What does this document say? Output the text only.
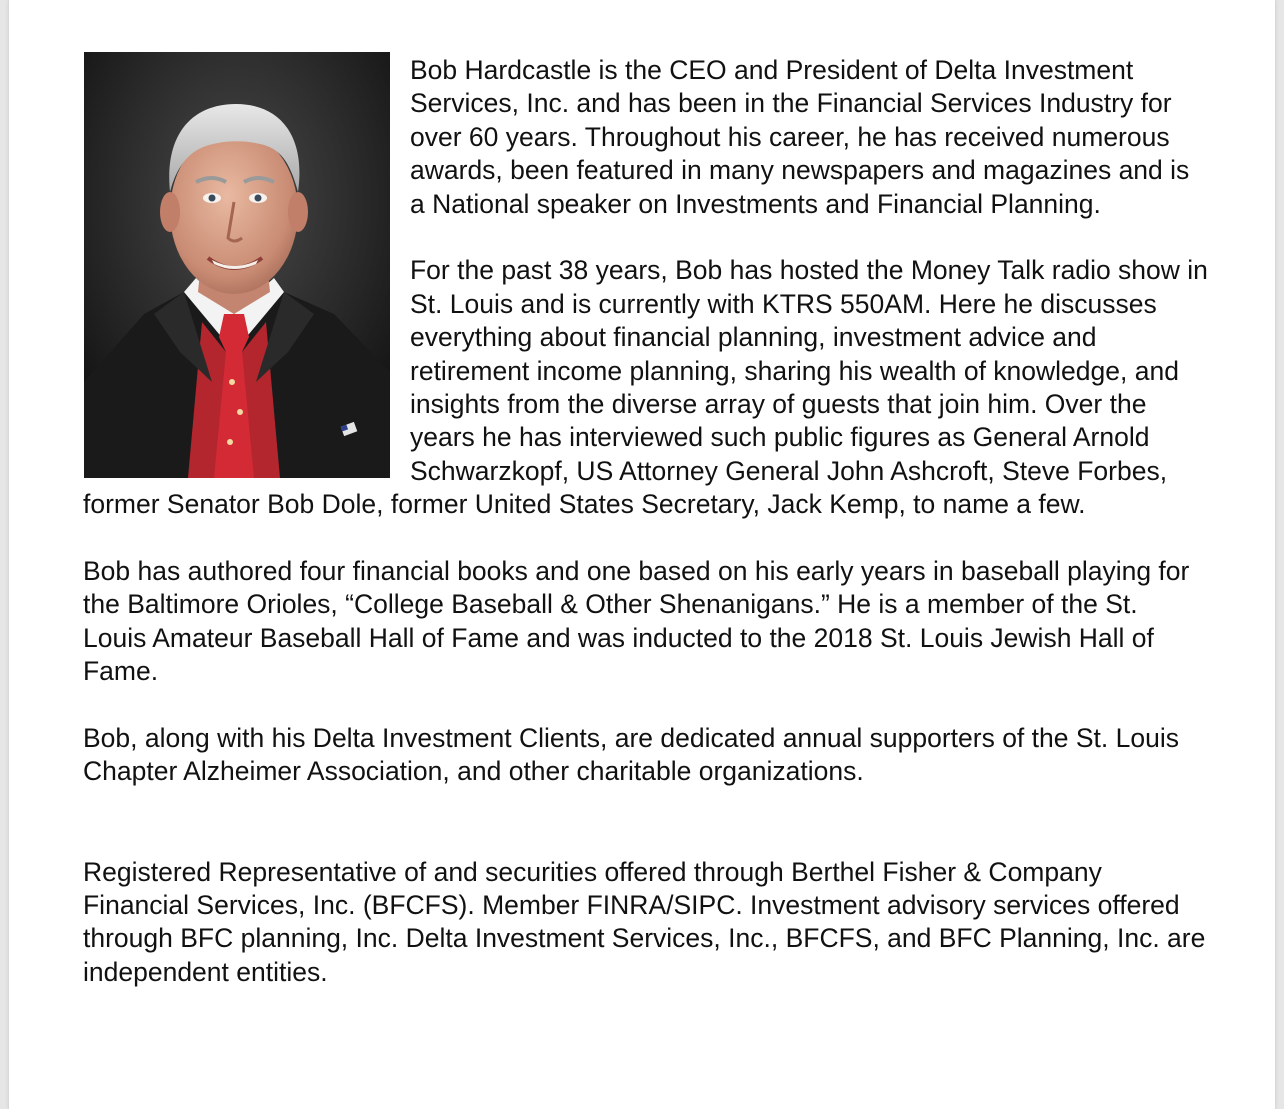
Bob Hardcastle is the CEO and President of Delta Investment Services, Inc. and has been in the Financial Services Industry for over 60 years. Throughout his career, he has received numerous awards, been featured in many newspapers and magazines and is a National speaker on Investments and Financial Planning.

For the past 38 years, Bob has hosted the Money Talk radio show in St. Louis and is currently with KTRS 550AM. Here he discusses everything about financial planning, investment advice and retirement income planning, sharing his wealth of knowledge, and insights from the diverse array of guests that join him. Over the years he has interviewed such public figures as General Arnold Schwarzkopf, US Attorney General John Ashcroft, Steve Forbes, former Senator Bob Dole, former United States Secretary, Jack Kemp, to name a few.

Bob has authored four financial books and one based on his early years in baseball playing for the Baltimore Orioles, “College Baseball & Other Shenanigans.” He is a member of the St. Louis Amateur Baseball Hall of Fame and was inducted to the 2018 St. Louis Jewish Hall of Fame.

Bob, along with his Delta Investment Clients, are dedicated annual supporters of the St. Louis Chapter Alzheimer Association, and other charitable organizations.

Registered Representative of and securities offered through Berthel Fisher & Company Financial Services, Inc. (BFCFS). Member FINRA/SIPC. Investment advisory services offered through BFC planning, Inc. Delta Investment Services, Inc., BFCFS, and BFC Planning, Inc. are independent entities.
